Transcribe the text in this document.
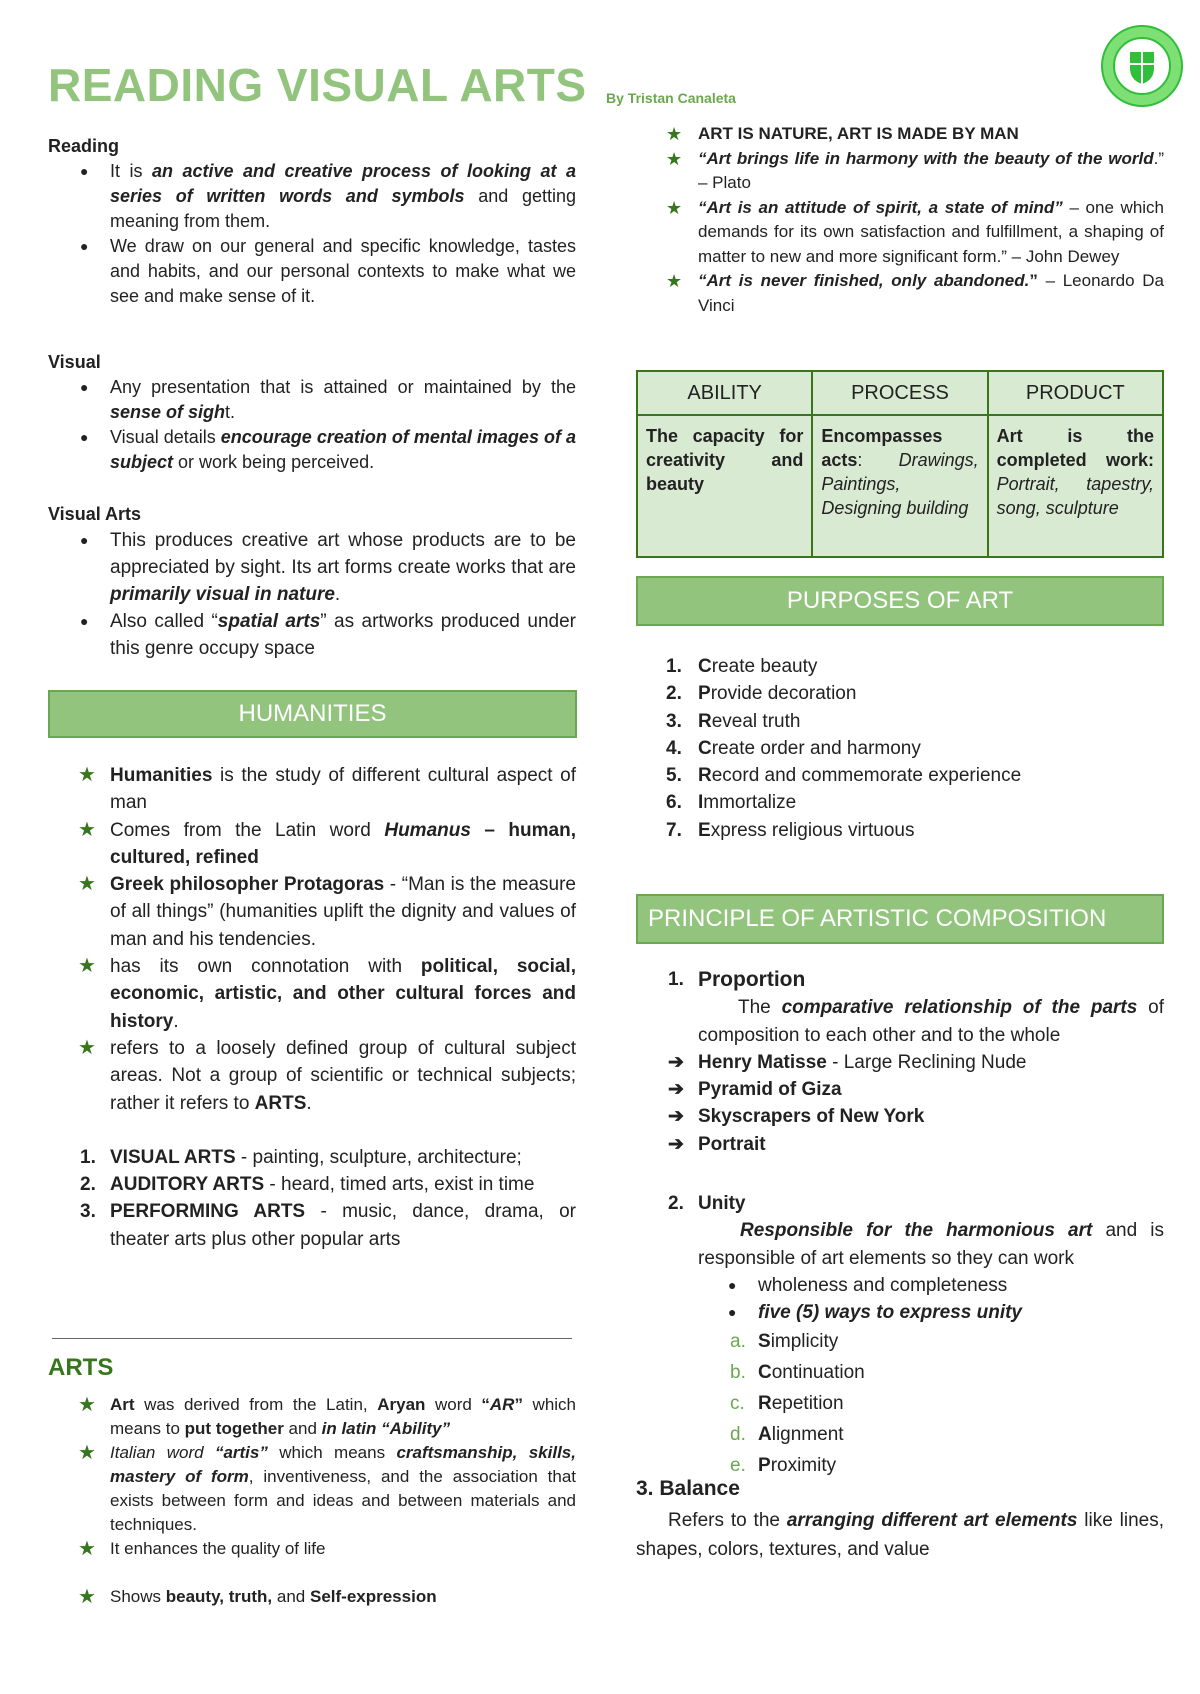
READING VISUAL ARTS By Tristan Canaleta
Reading
● It is an active and creative process of looking at a series of written words and symbols and getting meaning from them.
● We draw on our general and specific knowledge, tastes and habits, and our personal contexts to make what we see and make sense of it.
Visual
● Any presentation that is attained or maintained by the sense of sight.
● Visual details encourage creation of mental images of a subject or work being perceived.
Visual Arts
● This produces creative art whose products are to be appreciated by sight. Its art forms create works that are primarily visual in nature.
● Also called “spatial arts” as artworks produced under this genre occupy space
HUMANITIES
★ Humanities is the study of different cultural aspect of man
★ Comes from the Latin word Humanus – human, cultured, refined
★ Greek philosopher Protagoras - “Man is the measure of all things” (humanities uplift the dignity and values of man and his tendencies.
★ has its own connotation with political, social, economic, artistic, and other cultural forces and history.
★ refers to a loosely defined group of cultural subject areas. Not a group of scientific or technical subjects; rather it refers to ARTS.
1. VISUAL ARTS - painting, sculpture, architecture;
2. AUDITORY ARTS - heard, timed arts, exist in time
3. PERFORMING ARTS - music, dance, drama, or theater arts plus other popular arts
ARTS
★ Art was derived from the Latin, Aryan word “AR” which means to put together and in latin “Ability”
★ Italian word “artis” which means craftsmanship, skills, mastery of form, inventiveness, and the association that exists between form and ideas and between materials and techniques.
★ It enhances the quality of life
★ Shows beauty, truth, and Self-expression
★ ART IS NATURE, ART IS MADE BY MAN
★ “Art brings life in harmony with the beauty of the world.” – Plato
★ “Art is an attitude of spirit, a state of mind” – one which demands for its own satisfaction and fulfillment, a shaping of matter to new and more significant form.” – John Dewey
★ “Art is never finished, only abandoned.” – Leonardo Da Vinci
ABILITY	PROCESS	PRODUCT
The capacity for creativity and beauty	Encompasses acts: Drawings, Paintings, Designing building	Art is the completed work: Portrait, tapestry, song, sculpture
PURPOSES OF ART
1. Create beauty
2. Provide decoration
3. Reveal truth
4. Create order and harmony
5. Record and commemorate experience
6. Immortalize
7. Express religious virtuous
PRINCIPLE OF ARTISTIC COMPOSITION
1. Proportion
The comparative relationship of the parts of composition to each other and to the whole
➔ Henry Matisse - Large Reclining Nude
➔ Pyramid of Giza
➔ Skyscrapers of New York
➔ Portrait
2. Unity
Responsible for the harmonious art and is responsible of art elements so they can work
● wholeness and completeness
● five (5) ways to express unity
a. Simplicity
b. Continuation
c. Repetition
d. Alignment
e. Proximity
3. Balance
Refers to the arranging different art elements like lines, shapes, colors, textures, and value
